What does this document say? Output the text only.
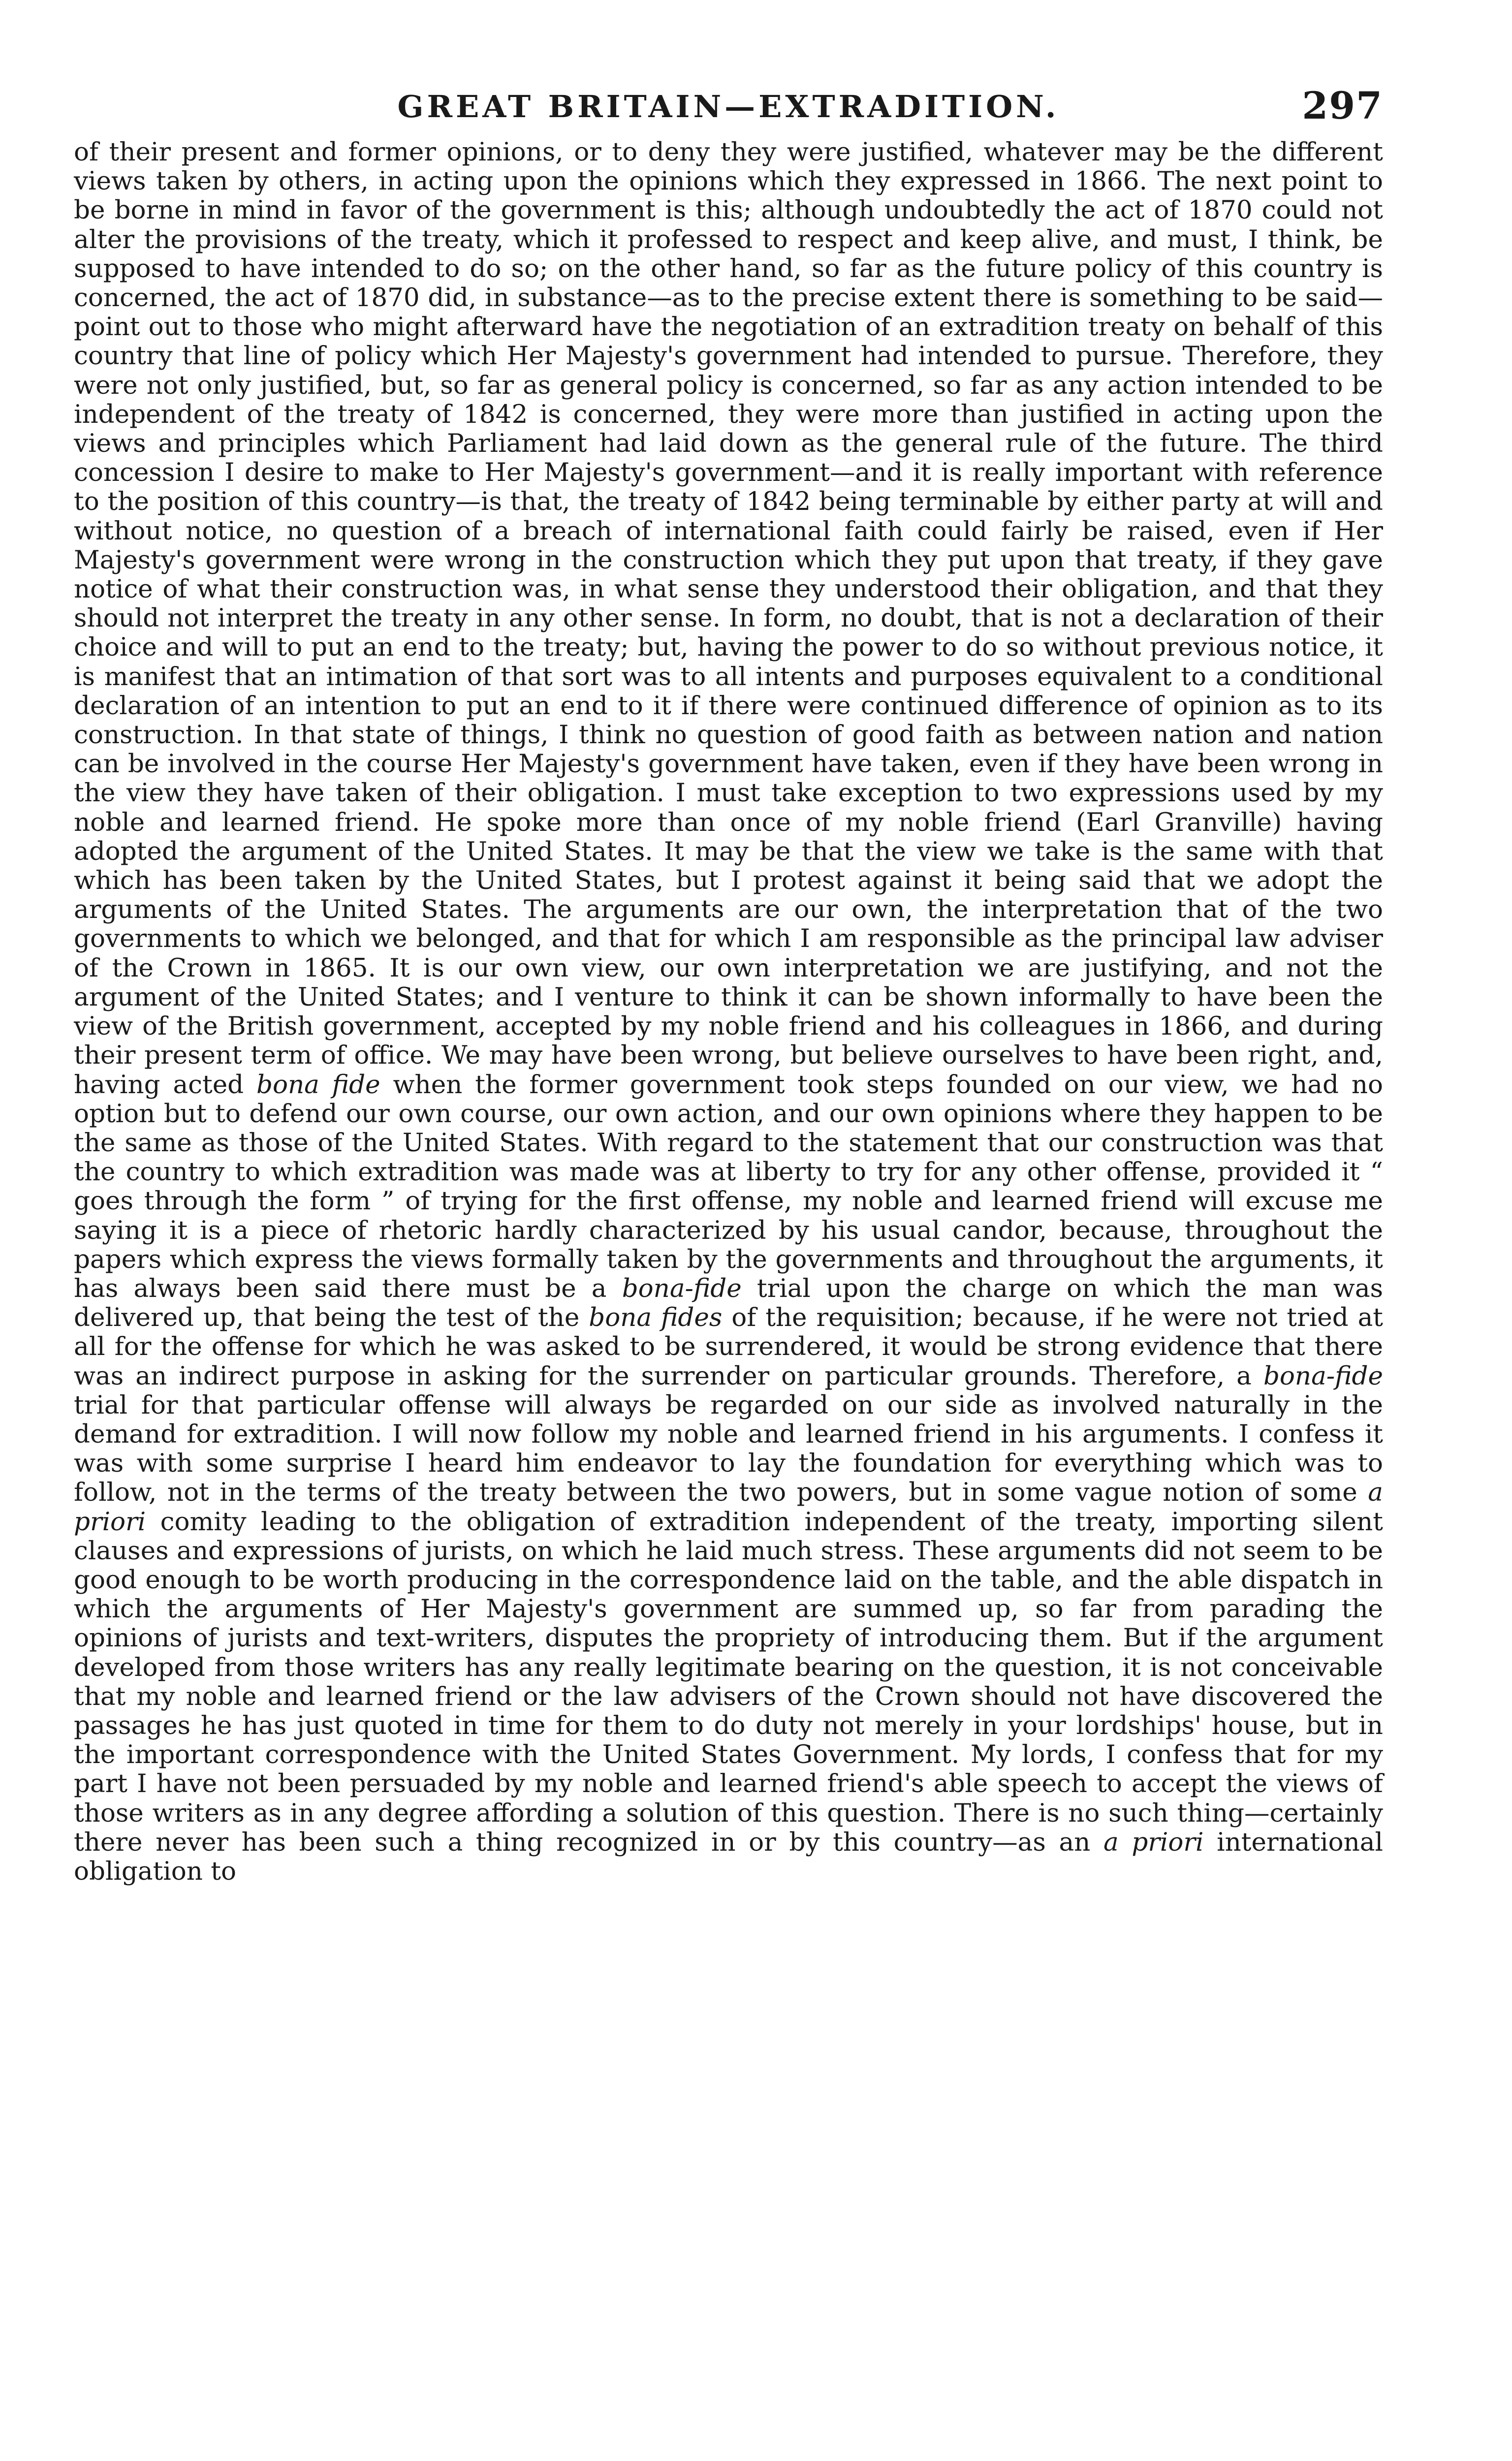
GREAT BRITAIN—EXTRADITION.	297

of their present and former opinions, or to deny they were justified, whatever may be the different views taken by others, in acting upon the opinions which they expressed in 1866. The next point to be borne in mind in favor of the government is this; although undoubtedly the act of 1870 could not alter the provisions of the treaty, which it professed to respect and keep alive, and must, I think, be supposed to have intended to do so; on the other hand, so far as the future policy of this country is concerned, the act of 1870 did, in substance—as to the precise extent there is something to be said—point out to those who might afterward have the negotiation of an extradition treaty on behalf of this country that line of policy which Her Majesty's government had intended to pursue. Therefore, they were not only justified, but, so far as general policy is concerned, so far as any action intended to be independent of the treaty of 1842 is concerned, they were more than justified in acting upon the views and principles which Parliament had laid down as the general rule of the future. The third concession I desire to make to Her Majesty's government—and it is really important with reference to the position of this country—is that, the treaty of 1842 being terminable by either party at will and without notice, no question of a breach of international faith could fairly be raised, even if Her Majesty's government were wrong in the construction which they put upon that treaty, if they gave notice of what their construction was, in what sense they understood their obligation, and that they should not interpret the treaty in any other sense. In form, no doubt, that is not a declaration of their choice and will to put an end to the treaty; but, having the power to do so without previous notice, it is manifest that an intimation of that sort was to all intents and purposes equivalent to a conditional declaration of an intention to put an end to it if there were continued difference of opinion as to its construction. In that state of things, I think no question of good faith as between nation and nation can be involved in the course Her Majesty's government have taken, even if they have been wrong in the view they have taken of their obligation. I must take exception to two expressions used by my noble and learned friend. He spoke more than once of my noble friend (Earl Granville) having adopted the argument of the United States. It may be that the view we take is the same with that which has been taken by the United States, but I protest against it being said that we adopt the arguments of the United States. The arguments are our own, the interpretation that of the two governments to which we belonged, and that for which I am responsible as the principal law adviser of the Crown in 1865. It is our own view, our own interpretation we are justifying, and not the argument of the United States; and I venture to think it can be shown informally to have been the view of the British government, accepted by my noble friend and his colleagues in 1866, and during their present term of office. We may have been wrong, but believe ourselves to have been right, and, having acted bona fide when the former government took steps founded on our view, we had no option but to defend our own course, our own action, and our own opinions where they happen to be the same as those of the United States. With regard to the statement that our construction was that the country to which extradition was made was at liberty to try for any other offense, provided it “ goes through the form ” of trying for the first offense, my noble and learned friend will excuse me saying it is a piece of rhetoric hardly characterized by his usual candor, because, throughout the papers which express the views formally taken by the governments and throughout the arguments, it has always been said there must be a bona-fide trial upon the charge on which the man was delivered up, that being the test of the bona fides of the requisition; because, if he were not tried at all for the offense for which he was asked to be surrendered, it would be strong evidence that there was an indirect purpose in asking for the surrender on particular grounds. Therefore, a bona-fide trial for that particular offense will always be regarded on our side as involved naturally in the demand for extradition. I will now follow my noble and learned friend in his arguments. I confess it was with some surprise I heard him endeavor to lay the foundation for everything which was to follow, not in the terms of the treaty between the two powers, but in some vague notion of some a priori comity leading to the obligation of extradition independent of the treaty, importing silent clauses and expressions of jurists, on which he laid much stress. These arguments did not seem to be good enough to be worth producing in the correspondence laid on the table, and the able dispatch in which the arguments of Her Majesty's government are summed up, so far from parading the opinions of jurists and text-writers, disputes the propriety of introducing them. But if the argument developed from those writers has any really legitimate bearing on the question, it is not conceivable that my noble and learned friend or the law advisers of the Crown should not have discovered the passages he has just quoted in time for them to do duty not merely in your lordships' house, but in the important correspondence with the United States Government. My lords, I confess that for my part I have not been persuaded by my noble and learned friend's able speech to accept the views of those writers as in any degree affording a solution of this question. There is no such thing—certainly there never has been such a thing recognized in or by this country—as an a priori international obligation to
